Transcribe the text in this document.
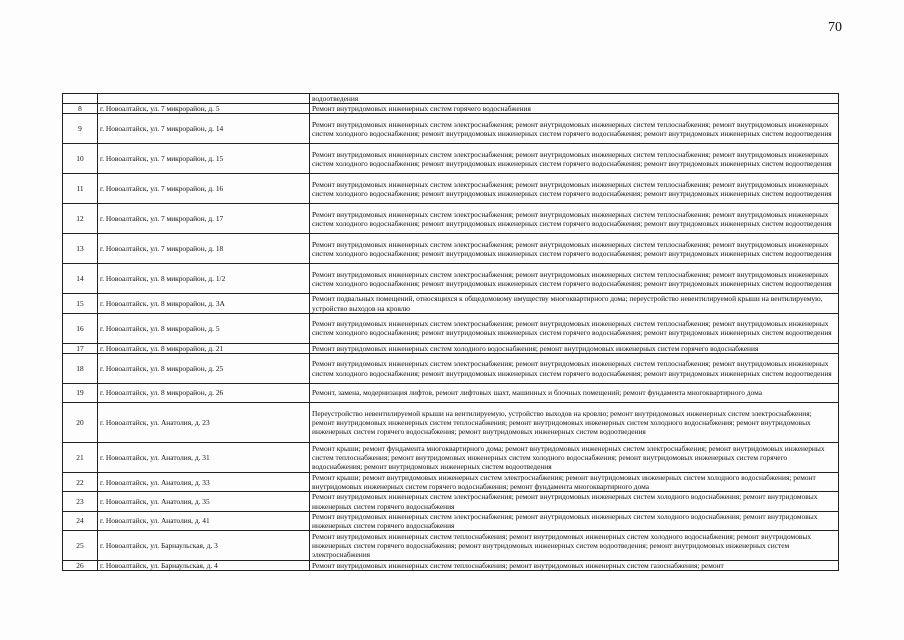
70
		водоотведения
8	г. Новоалтайск, ул. 7 микрорайон, д. 5	Ремонт внутридомовых инженерных систем горячего водоснабжения
9	г. Новоалтайск, ул. 7 микрорайон, д. 14	Ремонт внутридомовых инженерных систем электроснабжения; ремонт внутридомовых инженерных систем теплоснабжения; ремонт внутридомовых инженерных систем холодного водоснабжения; ремонт внутридомовых инженерных систем горячего водоснабжения; ремонт внутридомовых инженерных систем водоотведения
10	г. Новоалтайск, ул. 7 микрорайон, д. 15	Ремонт внутридомовых инженерных систем электроснабжения; ремонт внутридомовых инженерных систем теплоснабжения; ремонт внутридомовых инженерных систем холодного водоснабжения; ремонт внутридомовых инженерных систем горячего водоснабжения; ремонт внутридомовых инженерных систем водоотведения
11	г. Новоалтайск, ул. 7 микрорайон, д. 16	Ремонт внутридомовых инженерных систем электроснабжения; ремонт внутридомовых инженерных систем теплоснабжения; ремонт внутридомовых инженерных систем холодного водоснабжения; ремонт внутридомовых инженерных систем горячего водоснабжения; ремонт внутридомовых инженерных систем водоотведения
12	г. Новоалтайск, ул. 7 микрорайон, д. 17	Ремонт внутридомовых инженерных систем электроснабжения; ремонт внутридомовых инженерных систем теплоснабжения; ремонт внутридомовых инженерных систем холодного водоснабжения; ремонт внутридомовых инженерных систем горячего водоснабжения; ремонт внутридомовых инженерных систем водоотведения
13	г. Новоалтайск, ул. 7 микрорайон, д. 18	Ремонт внутридомовых инженерных систем электроснабжения; ремонт внутридомовых инженерных систем теплоснабжения; ремонт внутридомовых инженерных систем холодного водоснабжения; ремонт внутридомовых инженерных систем горячего водоснабжения; ремонт внутридомовых инженерных систем водоотведения
14	г. Новоалтайск, ул. 8 микрорайон, д. 1/2	Ремонт внутридомовых инженерных систем электроснабжения; ремонт внутридомовых инженерных систем теплоснабжения; ремонт внутридомовых инженерных систем холодного водоснабжения; ремонт внутридомовых инженерных систем горячего водоснабжения; ремонт внутридомовых инженерных систем водоотведения
15	г. Новоалтайск, ул. 8 микрорайон, д. 3А	Ремонт подвальных помещений, относящихся к общедомовому имуществу многоквартирного дома; переустройство невентилируемой крыши на вентилируемую, устройство выходов на кровлю
16	г. Новоалтайск, ул. 8 микрорайон, д. 5	Ремонт внутридомовых инженерных систем электроснабжения; ремонт внутридомовых инженерных систем теплоснабжения; ремонт внутридомовых инженерных систем холодного водоснабжения; ремонт внутридомовых инженерных систем горячего водоснабжения; ремонт внутридомовых инженерных систем водоотведения
17	г. Новоалтайск, ул. 8 микрорайон, д. 21	Ремонт внутридомовых инженерных систем холодного водоснабжения; ремонт внутридомовых инженерных систем горячего водоснабжения
18	г. Новоалтайск, ул. 8 микрорайон, д. 25	Ремонт внутридомовых инженерных систем электроснабжения; ремонт внутридомовых инженерных систем теплоснабжения; ремонт внутридомовых инженерных систем холодного водоснабжения; ремонт внутридомовых инженерных систем горячего водоснабжения; ремонт внутридомовых инженерных систем водоотведения
19	г. Новоалтайск, ул. 8 микрорайон, д. 26	Ремонт, замена, модернизация лифтов, ремонт лифтовых шахт, машинных и блочных помещений; ремонт фундамента многоквартирного дома
20	г. Новоалтайск, ул. Анатолия, д. 23	Переустройство невентилируемой крыши на вентилируемую, устройство выходов на кровлю; ремонт внутридомовых инженерных систем электроснабжения; ремонт внутридомовых инженерных систем теплоснабжения; ремонт внутридомовых инженерных систем холодного водоснабжения; ремонт внутридомовых инженерных систем горячего водоснабжения; ремонт внутридомовых инженерных систем водоотведения
21	г. Новоалтайск, ул. Анатолия, д. 31	Ремонт крыши; ремонт фундамента многоквартирного дома; ремонт внутридомовых инженерных систем электроснабжения; ремонт внутридомовых инженерных систем теплоснабжения; ремонт внутридомовых инженерных систем холодного водоснабжения; ремонт внутридомовых инженерных систем горячего водоснабжения; ремонт внутридомовых инженерных систем водоотведения
22	г. Новоалтайск, ул. Анатолия, д. 33	Ремонт крыши; ремонт внутридомовых инженерных систем электроснабжения; ремонт внутридомовых инженерных систем холодного водоснабжения; ремонт внутридомовых инженерных систем горячего водоснабжения; ремонт фундамента многоквартирного дома
23	г. Новоалтайск, ул. Анатолия, д. 35	Ремонт внутридомовых инженерных систем электроснабжения; ремонт внутридомовых инженерных систем холодного водоснабжения; ремонт внутридомовых инженерных систем горячего водоснабжения
24	г. Новоалтайск, ул. Анатолия, д. 41	Ремонт внутридомовых инженерных систем электроснабжения; ремонт внутридомовых инженерных систем холодного водоснабжения; ремонт внутридомовых инженерных систем горячего водоснабжения
25	г. Новоалтайск, ул. Барнаульская, д. 3	Ремонт внутридомовых инженерных систем теплоснабжения; ремонт внутридомовых инженерных систем холодного водоснабжения; ремонт внутридомовых инженерных систем горячего водоснабжения; ремонт внутридомовых инженерных систем водоотведения; ремонт внутридомовых инженерных систем электроснабжения
26	г. Новоалтайск, ул. Барнаульская, д. 4	Ремонт внутридомовых инженерных систем теплоснабжения; ремонт внутридомовых инженерных систем газоснабжения; ремонт
